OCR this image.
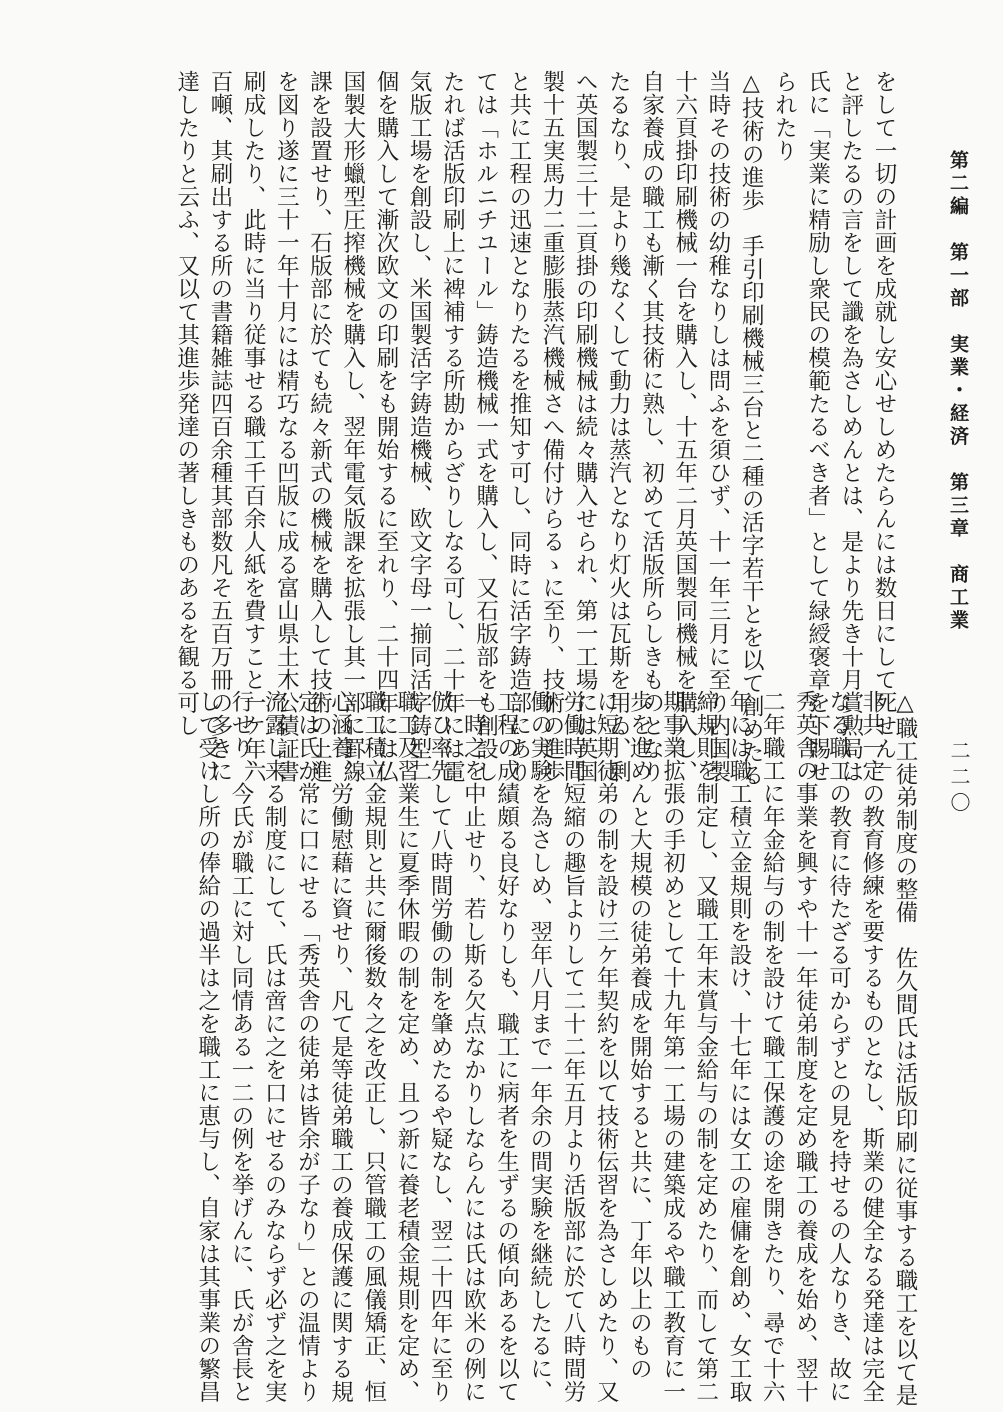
第二編　第一部　実業・経済　第三章　商工業
二二〇
をして一切の計画を成就し安心せしめたらんには数日にして死せん」
と評したるの言をして讖を為さしめんとは、是より先き十月賞勲局は
氏に「実業に精励し衆民の模範たるべき者」として緑綬褒章を下賜せ
られたり
△技術の進歩　手引印刷機械三台と二種の活字若干とを以て創めたる
当時その技術の幼稚なりしは問ふを須ひず、十一年三月に至り内国製
十六頁掛印刷機械一台を購入し、十五年二月英国製同機械を購入し、
自家養成の職工も漸く其技術に熟し、初めて活版所らしきものとなり
たるなり、是より幾なくして動力は蒸汽となり灯火は瓦斯を用ゐ、剰
へ英国製三十二頁掛の印刷機械は続々購入せられ、第一工場には英国
製十五実馬力二重膨脹蒸汽機械さへ備付けらるゝに至り、技術の進歩
と共に工程の迅速となりたるを推知す可し、同時に活字鋳造部にあり
ては「ホルニチユール」鋳造機械一式を購入し、又石版部をも創設し
たれば活版印刷上に裨補する所勘からざりしなる可し、二十年には電
気版工場を創設し、米国製活字鋳造機械、欧文字母一揃同活字鋳型二
個を購入して漸次欧文の印刷をも開始するに至れり、二十四年には仏
国製大形蠟型圧搾機械を購入し、翌年電気版課を拡張し其一部に罫線
課を設置せり、石版部に於ても続々新式の機械を購入して技術の上進
を図り遂に三十一年十月には精巧なる凹版に成る富山県土木公債証書
刷成したり、此時に当り従事せる職工千百余人紙を費すこと一ケ年六
百噸、其刷出する所の書籍雑誌四百余種其部数凡そ五百万冊の多きに
達したりと云ふ、又以て其進歩発達の著しきものあるを観る可し
△職工徒弟制度の整備　佐久間氏は活版印刷に従事する職工を以て是
非共一定の教育修練を要するものとなし、斯業の健全なる発達は完全
なる職工の教育に待たざる可からずとの見を持せるの人なりき、故に
秀英舎の事業を興すや十一年徒弟制度を定め職工の養成を始め、翌十
二年職工に年金給与の制を設けて職工保護の途を開きたり、尋で十六
年には職工積立金規則を設け、十七年には女工の雇傭を創め、女工取
締規則を制定し、又職工年末賞与金給与の制を定めたり、而して第二
期事業拡張の手初めとして十九年第一工場の建築成るや職工教育に一
歩を進めんと大規模の徒弟養成を開始すると共に、丁年以上のもの
に短期徒弟の制を設け三ケ年契約を以て技術伝習を為さしめたり、又
労働時間短縮の趣旨よりして二十二年五月より活版部に於て八時間労
働の実験を為さしめ、翌年八月まで一年余の間実験を継続したるに、
工程の成績頗る良好なりしも、職工に病者を生ずるの傾向あるを以て
一時之を中止せり、若し斯る欠点なかりしならんには氏は欧米の例に
倣ひ率先して八時間労働の制を肇めたるや疑なし、翌二十四年に至り
職工及習業生に夏季休暇の制を定め、且つ新に養老積金規則を定め、
職工積立金規則と共に爾後数々之を改正し、只管職工の風儀矯正、恒
心涵養、労働慰藉に資せり、凡て是等徒弟職工の養成保護に関する規
定は氏が常に口にせる「秀英舎の徒弟は皆余が子なり」との温情より
流露し来る制度にして、氏は啻に之を口にせるのみならず必ず之を実
行せり、今氏が職工に対し同情ある一二の例を挙げんに、氏が舎長と
して受けし所の俸給の過半は之を職工に恵与し、自家は其事業の繁昌
